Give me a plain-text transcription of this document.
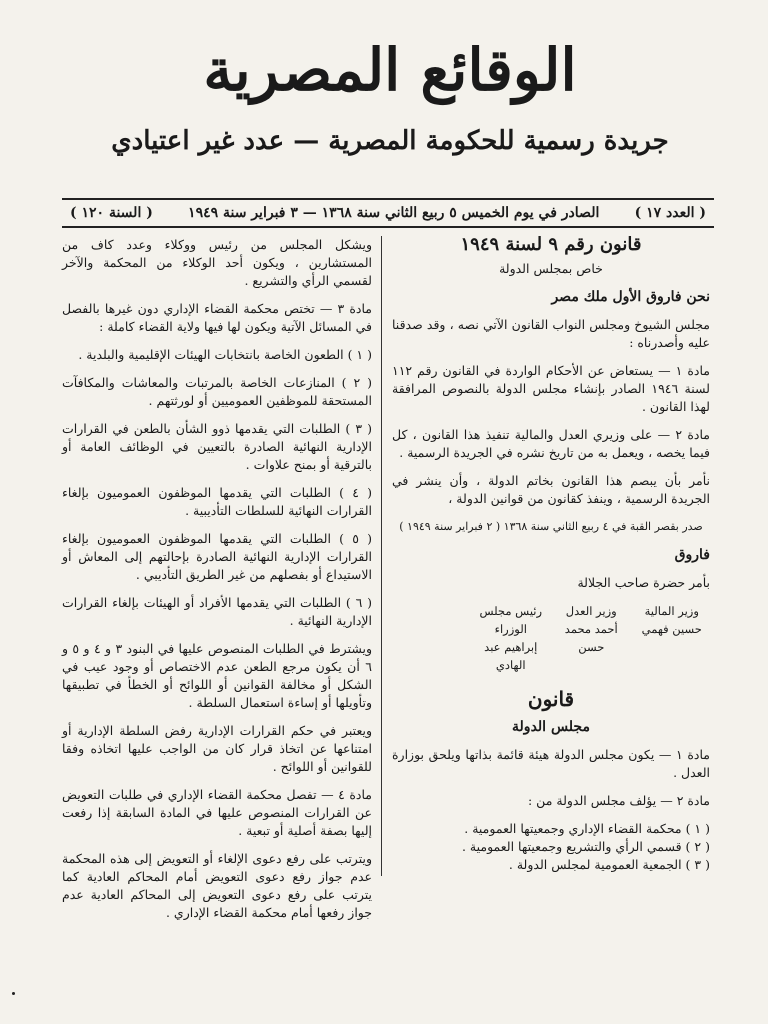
الوقائع المصرية
جريدة رسمية للحكومة المصرية — عدد غير اعتيادي
( العدد ١٧ )
الصادر في يوم الخميس ٥ ربيع الثاني سنة ١٣٦٨ — ٣ فبراير سنة ١٩٤٩
( السنة ١٢٠ )

قانون رقم ٩ لسنة ١٩٤٩

خاص بمجلس الدولة

نحن فاروق الأول ملك مصر

مجلس الشيوخ ومجلس النواب القانون الآتي نصه ، وقد صدقنا عليه وأصدرناه :

مادة ١ — يستعاض عن الأحكام الواردة في القانون رقم ١١٢ لسنة ١٩٤٦ الصادر بإنشاء مجلس الدولة بالنصوص المرافقة لهذا القانون .

مادة ٢ — على وزيري العدل والمالية تنفيذ هذا القانون ، كل فيما يخصه ، ويعمل به من تاريخ نشره في الجريدة الرسمية .

نأمر بأن يبصم هذا القانون بخاتم الدولة ، وأن ينشر في الجريدة الرسمية ، وينفذ كقانون من قوانين الدولة ،

صدر بقصر القبة في ٤ ربيع الثاني سنة ١٣٦٨ ( ٢ فبراير سنة ١٩٤٩ )

فاروق

بأمر حضرة صاحب الجلالة

وزير المالية
حسين فهمي
وزير العدل
أحمد محمد حسن
رئيس مجلس الوزراء
إبراهيم عبد الهادي

قانون

مجلس الدولة

مادة ١ — يكون مجلس الدولة هيئة قائمة بذاتها ويلحق بوزارة العدل .

مادة ٢ — يؤلف مجلس الدولة من :

( ١ ) محكمة القضاء الإداري وجمعيتها العمومية .

( ٢ ) قسمي الرأي والتشريع وجمعيتها العمومية .

( ٣ ) الجمعية العمومية لمجلس الدولة .

ويشكل المجلس من رئيس ووكلاء وعدد كاف من المستشارين ، ويكون أحد الوكلاء من المحكمة والآخر لقسمي الرأي والتشريع .

مادة ٣ — تختص محكمة القضاء الإداري دون غيرها بالفصل في المسائل الآتية ويكون لها فيها ولاية القضاء كاملة :

( ١ ) الطعون الخاصة بانتخابات الهيئات الإقليمية والبلدية .

( ٢ ) المنازعات الخاصة بالمرتبات والمعاشات والمكافآت المستحقة للموظفين العموميين أو لورثتهم .

( ٣ ) الطلبات التي يقدمها ذوو الشأن بالطعن في القرارات الإدارية النهائية الصادرة بالتعيين في الوظائف العامة أو بالترقية أو بمنح علاوات .

( ٤ ) الطلبات التي يقدمها الموظفون العموميون بإلغاء القرارات النهائية للسلطات التأديبية .

( ٥ ) الطلبات التي يقدمها الموظفون العموميون بإلغاء القرارات الإدارية النهائية الصادرة بإحالتهم إلى المعاش أو الاستيداع أو بفصلهم من غير الطريق التأديبي .

( ٦ ) الطلبات التي يقدمها الأفراد أو الهيئات بإلغاء القرارات الإدارية النهائية .

ويشترط في الطلبات المنصوص عليها في البنود ٣ و ٤ و ٥ و ٦ أن يكون مرجع الطعن عدم الاختصاص أو وجود عيب في الشكل أو مخالفة القوانين أو اللوائح أو الخطأ في تطبيقها وتأويلها أو إساءة استعمال السلطة .

ويعتبر في حكم القرارات الإدارية رفض السلطة الإدارية أو امتناعها عن اتخاذ قرار كان من الواجب عليها اتخاذه وفقا للقوانين أو اللوائح .

مادة ٤ — تفصل محكمة القضاء الإداري في طلبات التعويض عن القرارات المنصوص عليها في المادة السابقة إذا رفعت إليها بصفة أصلية أو تبعية .

ويترتب على رفع دعوى الإلغاء أو التعويض إلى هذه المحكمة عدم جواز رفع دعوى التعويض أمام المحاكم العادية كما يترتب على رفع دعوى التعويض إلى المحاكم العادية عدم جواز رفعها أمام محكمة القضاء الإداري .
